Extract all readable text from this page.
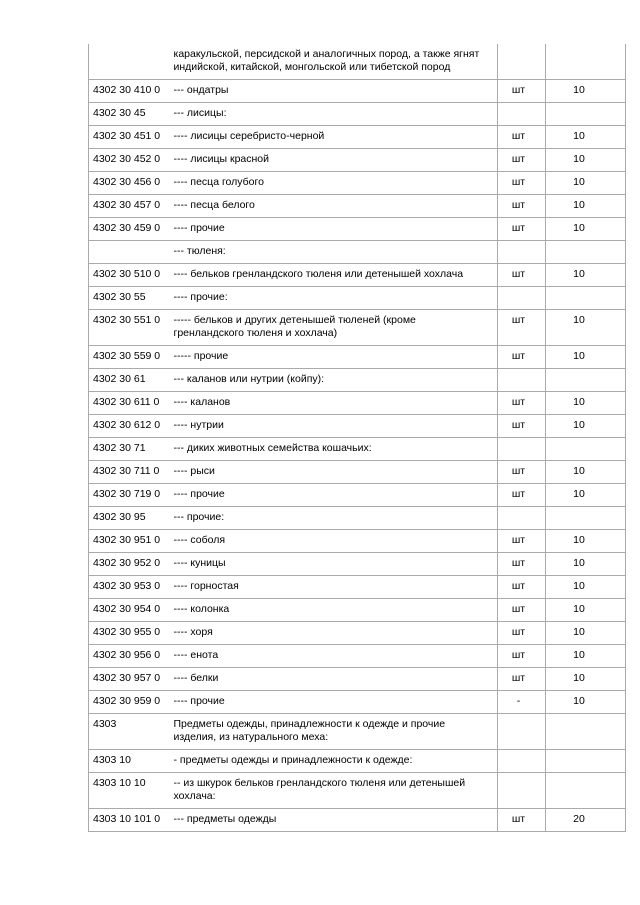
	каракульской, персидской и аналогичных пород, а также ягнят индийской, китайской, монгольской или тибетской пород		
4302 30 410 0	--- ондатры	шт	10
4302 30 45	--- лисицы:		
4302 30 451 0	---- лисицы серебристо-черной	шт	10
4302 30 452 0	---- лисицы красной	шт	10
4302 30 456 0	---- песца голубого	шт	10
4302 30 457 0	---- песца белого	шт	10
4302 30 459 0	---- прочие	шт	10
	--- тюленя:		
4302 30 510 0	---- бельков гренландского тюленя или детенышей хохлача	шт	10
4302 30 55	---- прочие:		
4302 30 551 0	----- бельков и других детенышей тюленей (кроме гренландского тюленя и хохлача)	шт	10
4302 30 559 0	----- прочие	шт	10
4302 30 61	--- каланов или нутрии (койпу):		
4302 30 611 0	---- каланов	шт	10
4302 30 612 0	---- нутрии	шт	10
4302 30 71	--- диких животных семейства кошачьих:		
4302 30 711 0	---- рыси	шт	10
4302 30 719 0	---- прочие	шт	10
4302 30 95	--- прочие:		
4302 30 951 0	---- соболя	шт	10
4302 30 952 0	---- куницы	шт	10
4302 30 953 0	---- горностая	шт	10
4302 30 954 0	---- колонка	шт	10
4302 30 955 0	---- хоря	шт	10
4302 30 956 0	---- енота	шт	10
4302 30 957 0	---- белки	шт	10
4302 30 959 0	---- прочие	-	10
4303	Предметы одежды, принадлежности к одежде и прочие изделия, из натурального меха:		
4303 10	- предметы одежды и принадлежности к одежде:		
4303 10 10	-- из шкурок бельков гренландского тюленя или детенышей хохлача:		
4303 10 101 0	--- предметы одежды	шт	20
